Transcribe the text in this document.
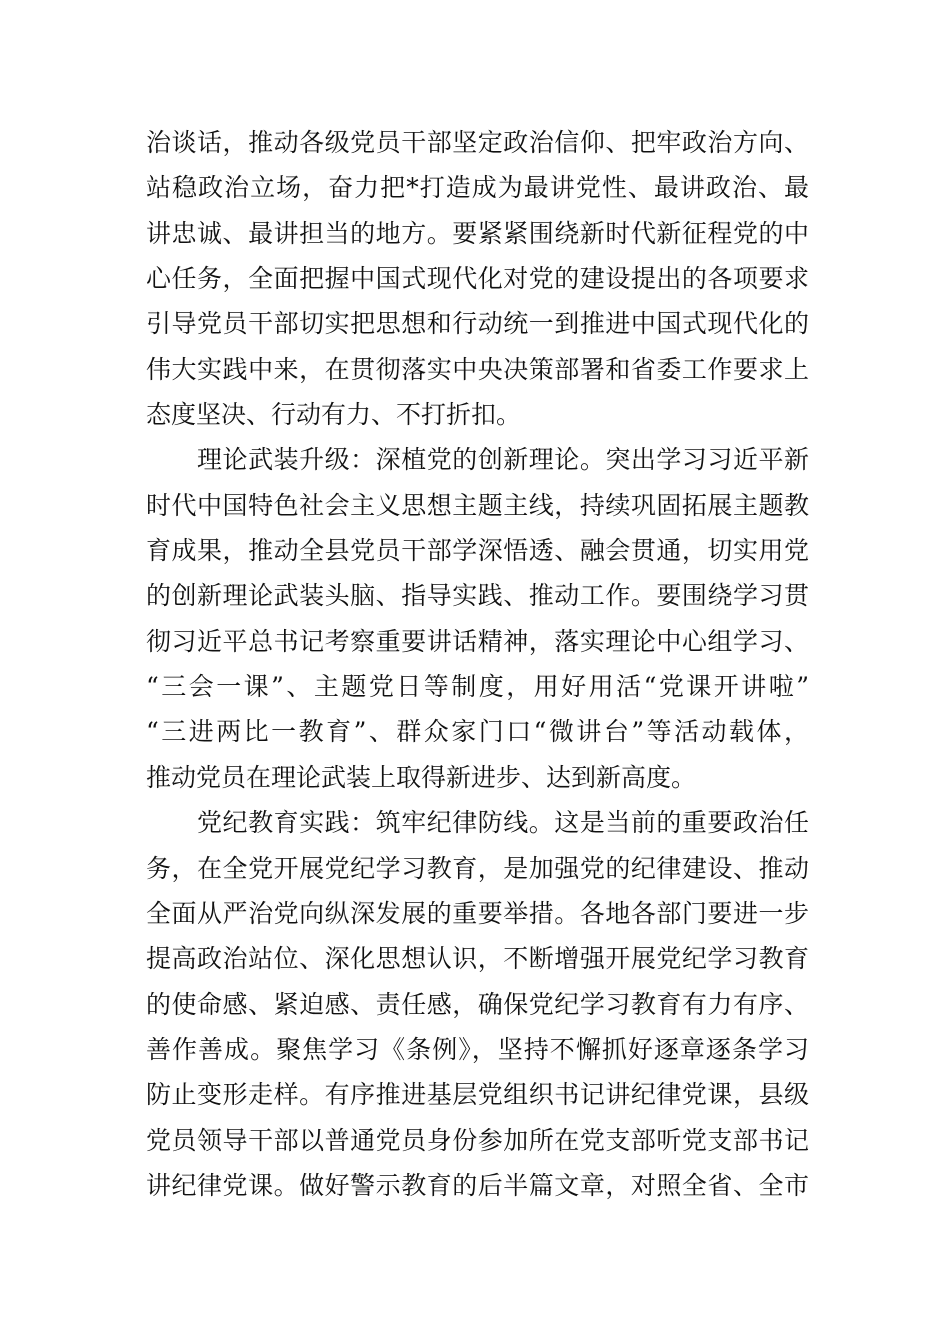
治谈话，推动各级党员干部坚定政治信仰、把牢政治方向、
站稳政治立场，奋力把*打造成为最讲党性、最讲政治、最
讲忠诚、最讲担当的地方。要紧紧围绕新时代新征程党的中
心任务，全面把握中国式现代化对党的建设提出的各项要求
引导党员干部切实把思想和行动统一到推进中国式现代化的
伟大实践中来，在贯彻落实中央决策部署和省委工作要求上
态度坚决、行动有力、不打折扣。
　　理论武装升级：深植党的创新理论。突出学习习近平新
时代中国特色社会主义思想主题主线，持续巩固拓展主题教
育成果，推动全县党员干部学深悟透、融会贯通，切实用党
的创新理论武装头脑、指导实践、推动工作。要围绕学习贯
彻习近平总书记考察重要讲话精神，落实理论中心组学习、
“三会一课”、主题党日等制度，用好用活“党课开讲啦”
“三进两比一教育”、群众家门口“微讲台”等活动载体，
推动党员在理论武装上取得新进步、达到新高度。
　　党纪教育实践：筑牢纪律防线。这是当前的重要政治任
务，在全党开展党纪学习教育，是加强党的纪律建设、推动
全面从严治党向纵深发展的重要举措。各地各部门要进一步
提高政治站位、深化思想认识，不断增强开展党纪学习教育
的使命感、紧迫感、责任感，确保党纪学习教育有力有序、
善作善成。聚焦学习《条例》，坚持不懈抓好逐章逐条学习
防止变形走样。有序推进基层党组织书记讲纪律党课，县级
党员领导干部以普通党员身份参加所在党支部听党支部书记
讲纪律党课。做好警示教育的后半篇文章，对照全省、全市
